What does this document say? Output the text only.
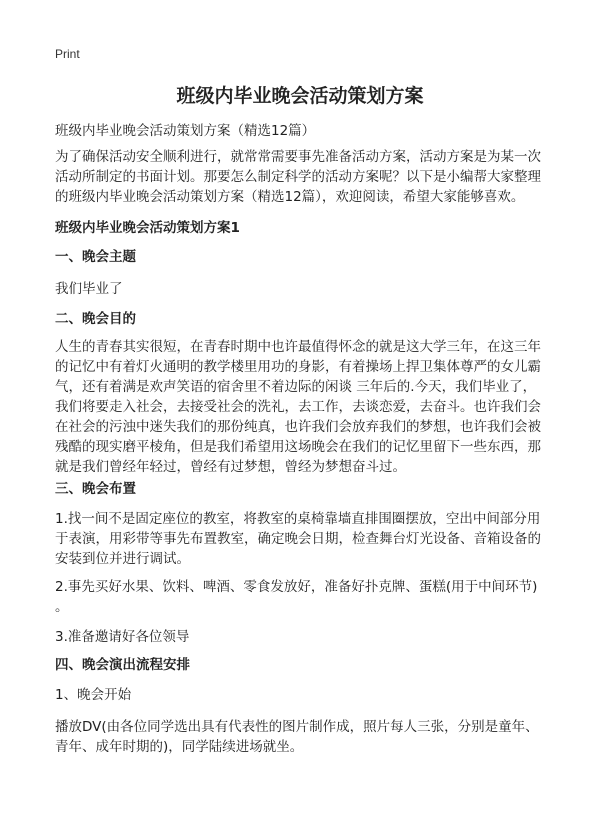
Print
班级内毕业晚会活动策划方案
班级内毕业晚会活动策划方案（精选12篇）
为了确保活动安全顺利进行，就常常需要事先准备活动方案，活动方案是为某一次
活动所制定的书面计划。那要怎么制定科学的活动方案呢？以下是小编帮大家整理
的班级内毕业晚会活动策划方案（精选12篇），欢迎阅读，希望大家能够喜欢。
班级内毕业晚会活动策划方案1
一、晚会主题
我们毕业了
二、晚会目的
人生的青春其实很短，在青春时期中也许最值得怀念的就是这大学三年，在这三年
的记忆中有着灯火通明的教学楼里用功的身影，有着操场上捍卫集体尊严的女儿霸
气，还有着满是欢声笑语的宿舍里不着边际的闲谈 三年后的.今天，我们毕业了，
我们将要走入社会，去接受社会的洗礼，去工作，去谈恋爱，去奋斗。也许我们会
在社会的污浊中迷失我们的那份纯真，也许我们会放弃我们的梦想，也许我们会被
残酷的现实磨平棱角，但是我们希望用这场晚会在我们的记忆里留下一些东西，那
就是我们曾经年轻过，曾经有过梦想，曾经为梦想奋斗过。
三、晚会布置
1.找一间不是固定座位的教室，将教室的桌椅靠墙直排围圈摆放，空出中间部分用
于表演，用彩带等事先布置教室，确定晚会日期，检查舞台灯光设备、音箱设备的
安装到位并进行调试。
2.事先买好水果、饮料、啤酒、零食发放好，准备好扑克牌、蛋糕(用于中间环节)
。
3.准备邀请好各位领导
四、晚会演出流程安排
1、晚会开始
播放DV(由各位同学选出具有代表性的图片制作成，照片每人三张，分别是童年、
青年、成年时期的)，同学陆续进场就坐。
